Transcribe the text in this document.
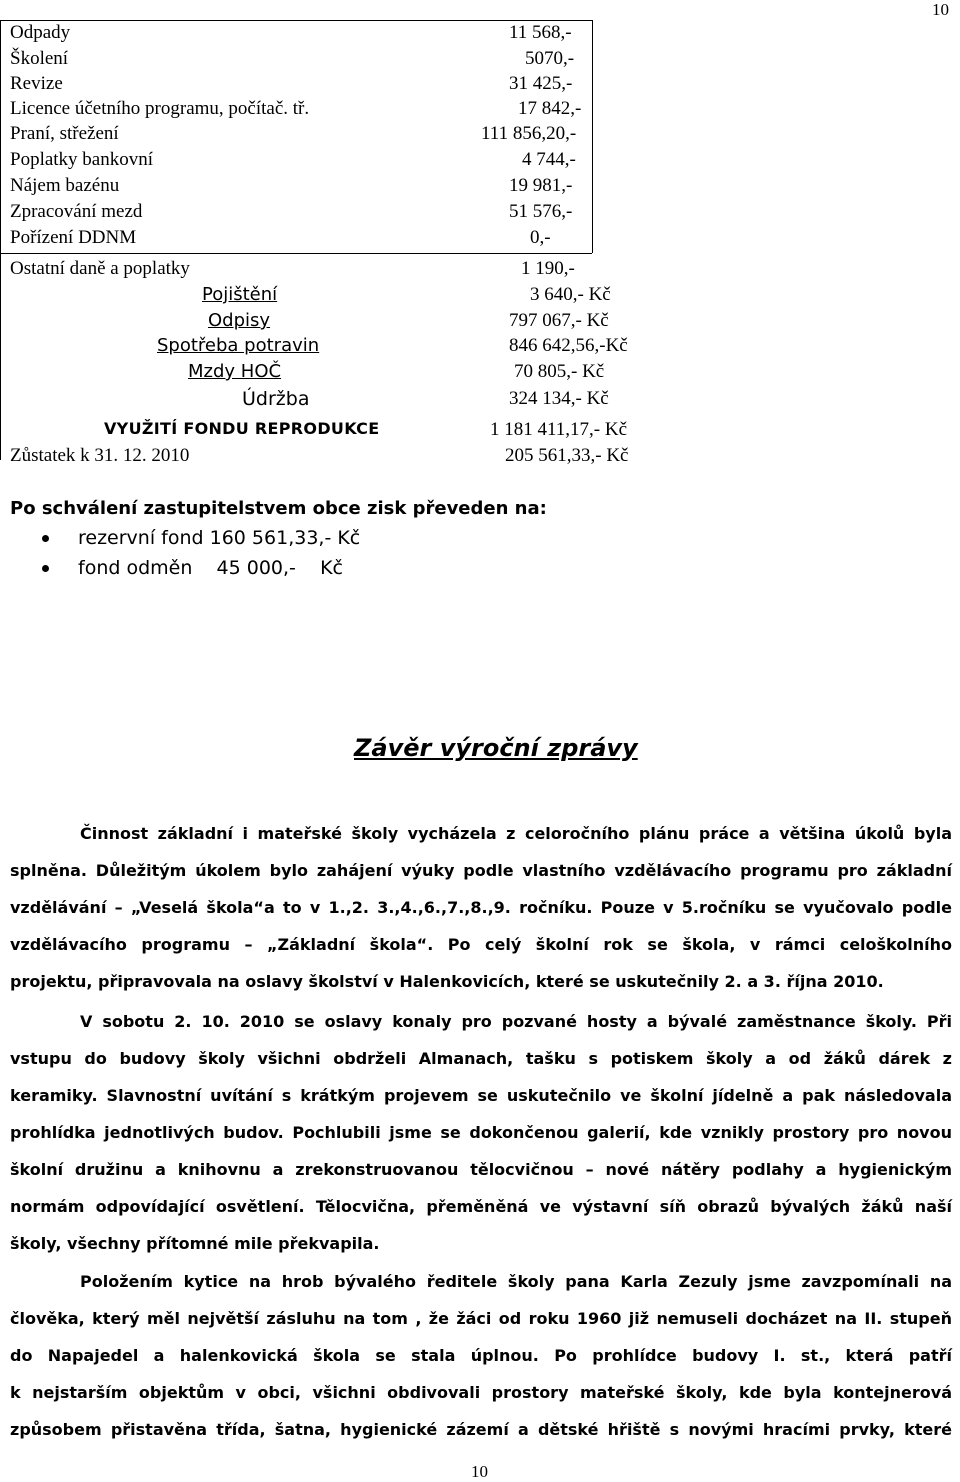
10
Odpady	11 568,-
Školení	5070,-
Revize	31 425,-
Licence účetního programu, počítač. tř.	17 842,-
Praní, střežení	111 856,20,-
Poplatky bankovní	4 744,-
Nájem bazénu	19 981,-
Zpracování mezd	51 576,-
Pořízení DDNM	0,-
Ostatní daně a poplatky	1 190,-
Pojištění	3 640,- Kč
Odpisy	797 067,- Kč
Spotřeba potravin	846 642,56,-Kč
Mzdy HOČ	70 805,- Kč
Údržba	324 134,- Kč
VYUŽITÍ FONDU REPRODUKCE	1 181 411,17,- Kč
Zůstatek k 31. 12. 2010	205 561,33,- Kč
Po schválení zastupitelstvem obce zisk převeden na:
rezervní fond 160 561,33,- Kč
fond odměn    45 000,-    Kč
Závěr výroční zprávy
Činnost základní i mateřské školy vycházela z celoročního plánu práce a většina úkolů byla
splněna. Důležitým úkolem bylo zahájení výuky podle vlastního vzdělávacího programu pro základní
vzdělávání – „Veselá škola“a to v 1.,2. 3.,4.,6.,7.,8.,9. ročníku. Pouze v 5.ročníku se vyučovalo podle
vzdělávacího programu – „Základní škola“. Po celý školní rok se škola, v rámci celoškolního
projektu, připravovala na oslavy školství v Halenkovicích, které se uskutečnily 2. a 3. října 2010.
V sobotu 2. 10. 2010 se oslavy konaly pro pozvané hosty a bývalé zaměstnance školy. Při
vstupu do budovy školy všichni obdrželi Almanach, tašku s potiskem školy a od žáků dárek z
keramiky. Slavnostní uvítání s krátkým projevem se uskutečnilo ve školní jídelně a pak následovala
prohlídka jednotlivých budov. Pochlubili jsme se dokončenou galerií, kde vznikly prostory pro novou
školní družinu a knihovnu a zrekonstruovanou tělocvičnou – nové nátěry podlahy a hygienickým
normám odpovídající osvětlení. Tělocvična, přeměněná ve výstavní síň obrazů bývalých žáků naší
školy, všechny přítomné mile překvapila.
Položením kytice na hrob bývalého ředitele školy pana Karla Zezuly jsme zavzpomínali na
člověka, který měl největší zásluhu na tom , že žáci od roku 1960 již nemuseli docházet na II. stupeň
do Napajedel a halenkovická škola se stala úplnou. Po prohlídce budovy I. st., která patří
k nejstarším objektům v obci, všichni obdivovali prostory mateřské školy, kde byla kontejnerová
způsobem přistavěna třída, šatna, hygienické zázemí a dětské hřiště s novými hracími prvky, které
10
